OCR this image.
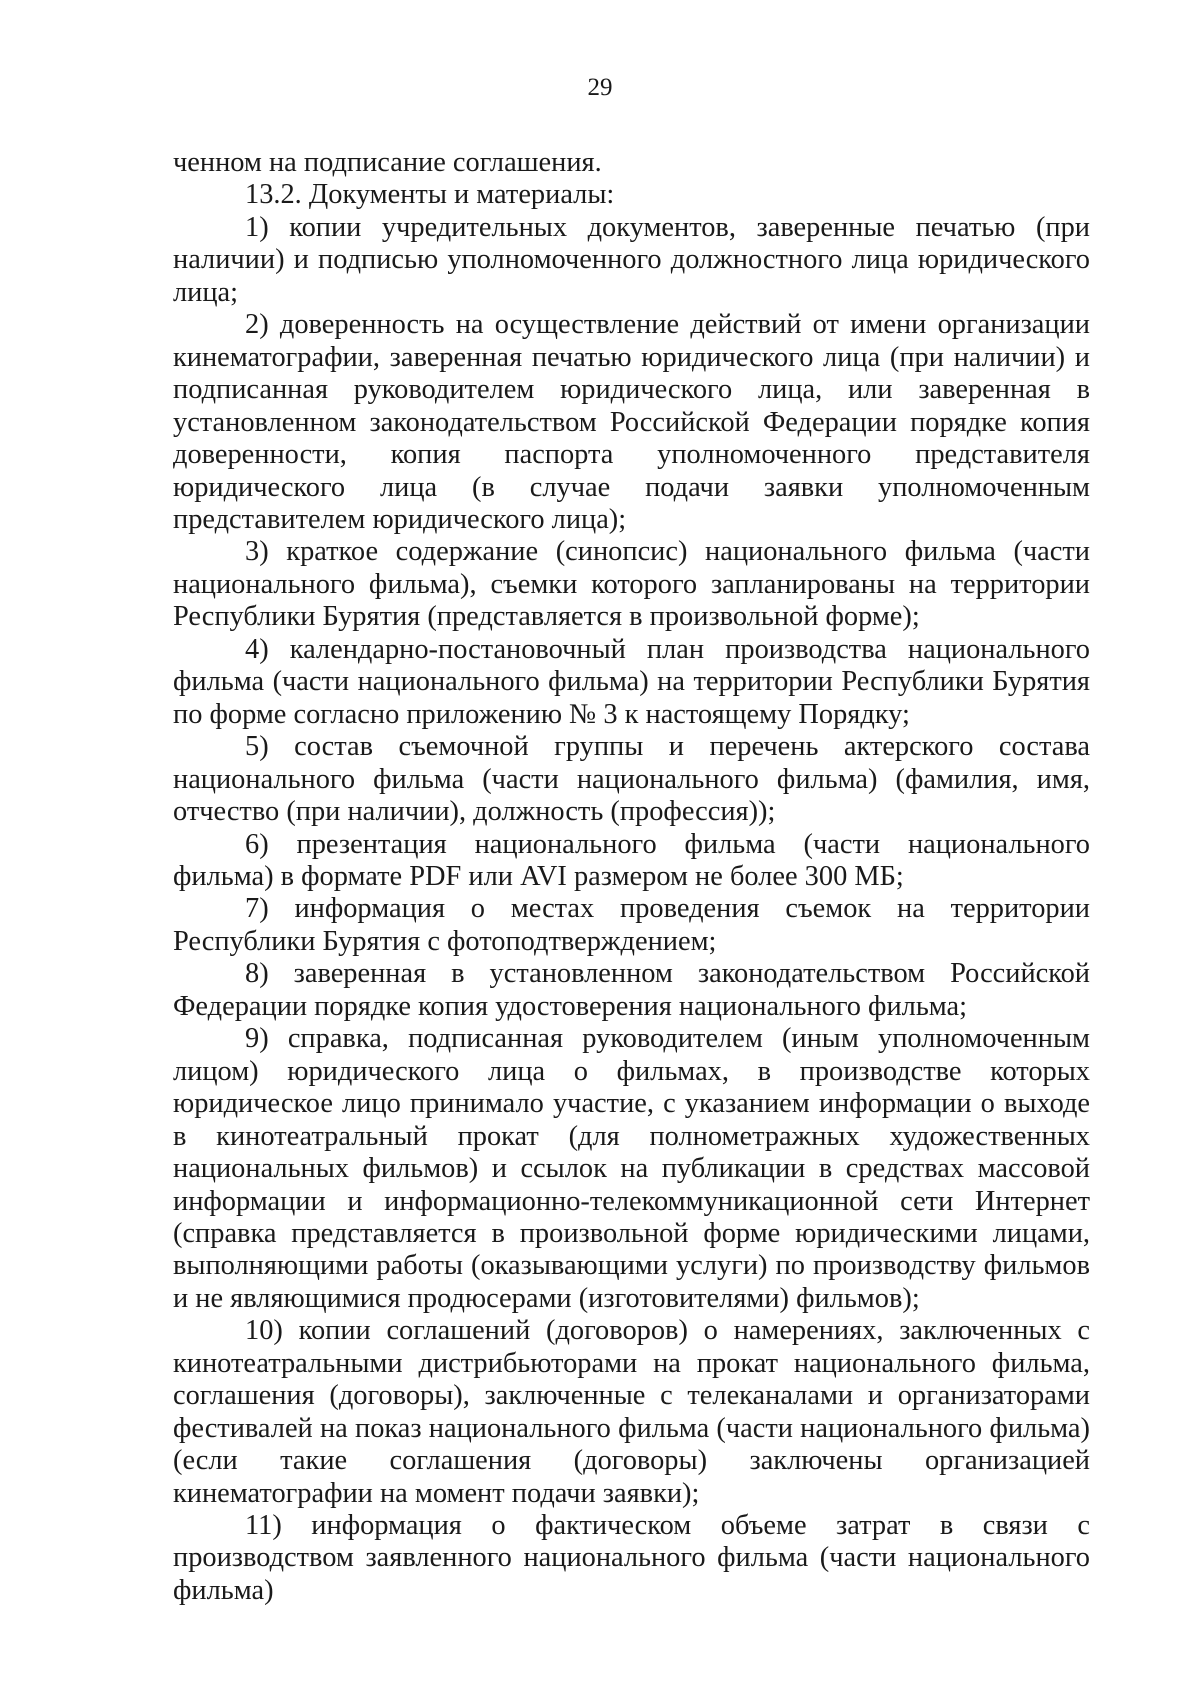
29

ченном на подписание соглашения.

13.2. Документы и материалы:

1) копии учредительных документов, заверенные печатью (при наличии) и подписью уполномоченного должностного лица юридического лица;

2) доверенность на осуществление действий от имени организации кинематографии, заверенная печатью юридического лица (при наличии) и подписанная руководителем юридического лица, или заверенная в установленном законодательством Российской Федерации порядке копия доверенности, копия паспорта уполномоченного представителя юридического лица (в случае подачи заявки уполномоченным представителем юридического лица);

3) краткое содержание (синопсис) национального фильма (части национального фильма), съемки которого запланированы на территории Республики Бурятия (представляется в произвольной форме);

4) календарно-постановочный план производства национального фильма (части национального фильма) на территории Республики Бурятия по форме согласно приложению № 3 к настоящему Порядку;

5) состав съемочной группы и перечень актерского состава национального фильма (части национального фильма) (фамилия, имя, отчество (при наличии), должность (профессия));

6) презентация национального фильма (части национального фильма) в формате PDF или AVI размером не более 300 МБ;

7) информация о местах проведения съемок на территории Республики Бурятия с фотоподтверждением;

8) заверенная в установленном законодательством Российской Федерации порядке копия удостоверения национального фильма;

9) справка, подписанная руководителем (иным уполномоченным лицом) юридического лица о фильмах, в производстве которых юридическое лицо принимало участие, с указанием информации о выходе в кинотеатральный прокат (для полнометражных художественных национальных фильмов) и ссылок на публикации в средствах массовой информации и информационно-телекоммуникационной сети Интернет (справка представляется в произвольной форме юридическими лицами, выполняющими работы (оказывающими услуги) по производству фильмов и не являющимися продюсерами (изготовителями) фильмов);

10) копии соглашений (договоров) о намерениях, заключенных с кинотеатральными дистрибьюторами на прокат национального фильма, соглашения (договоры), заключенные с телеканалами и организаторами фестивалей на показ национального фильма (части национального фильма) (если такие соглашения (договоры) заключены организацией кинематографии на момент подачи заявки);

11) информация о фактическом объеме затрат в связи с производством заявленного национального фильма (части национального фильма)
